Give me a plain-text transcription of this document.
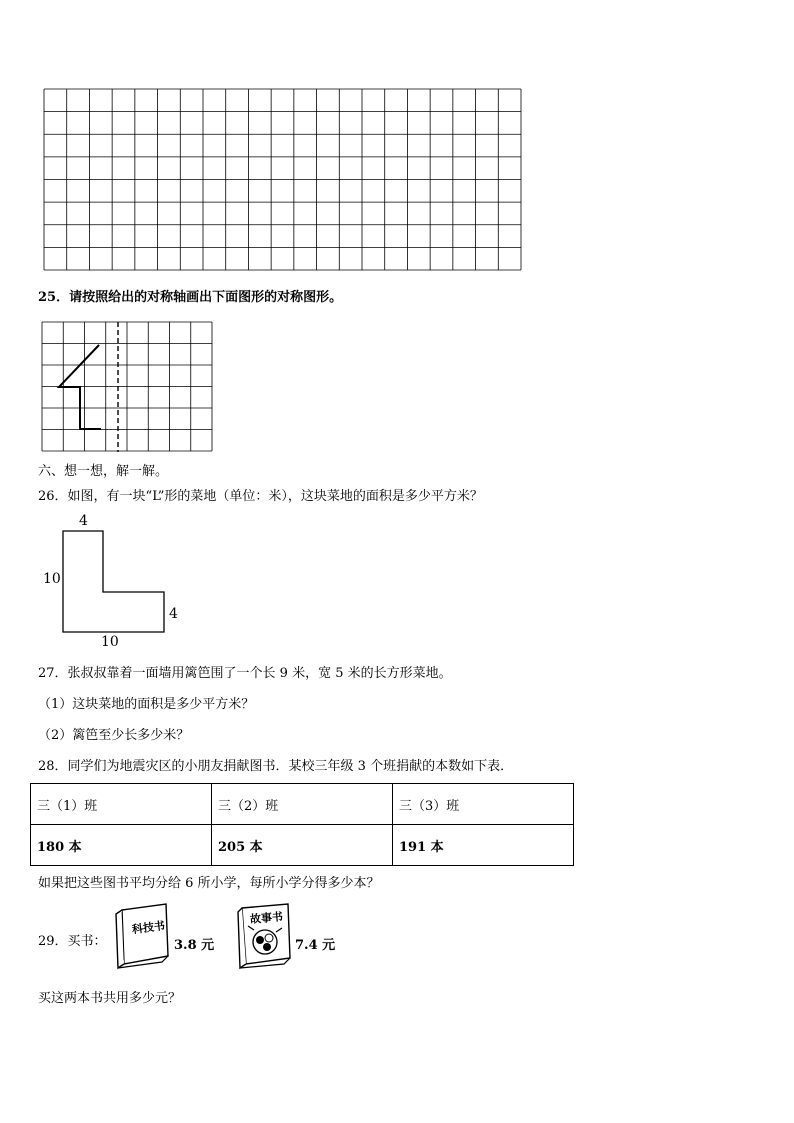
25．请按照给出的对称轴画出下面图形的对称图形。
六、想一想，解一解。
26．如图，有一块“L”形的菜地（单位：米），这块菜地的面积是多少平方米？
4
10
4
10
27．张叔叔靠着一面墙用篱笆围了一个长 9 米，宽 5 米的长方形菜地。
（1）这块菜地的面积是多少平方米？
（2）篱笆至少长多少米？
28．同学们为地震灾区的小朋友捐献图书．某校三年级 3 个班捐献的本数如下表．
三（1）班	三（2）班	三（3）班
180 本	205 本	191 本
如果把这些图书平均分给 6 所小学，每所小学分得多少本？
29．买书：
科技书
3.8 元
故事书
7.4 元
买这两本书共用多少元？
